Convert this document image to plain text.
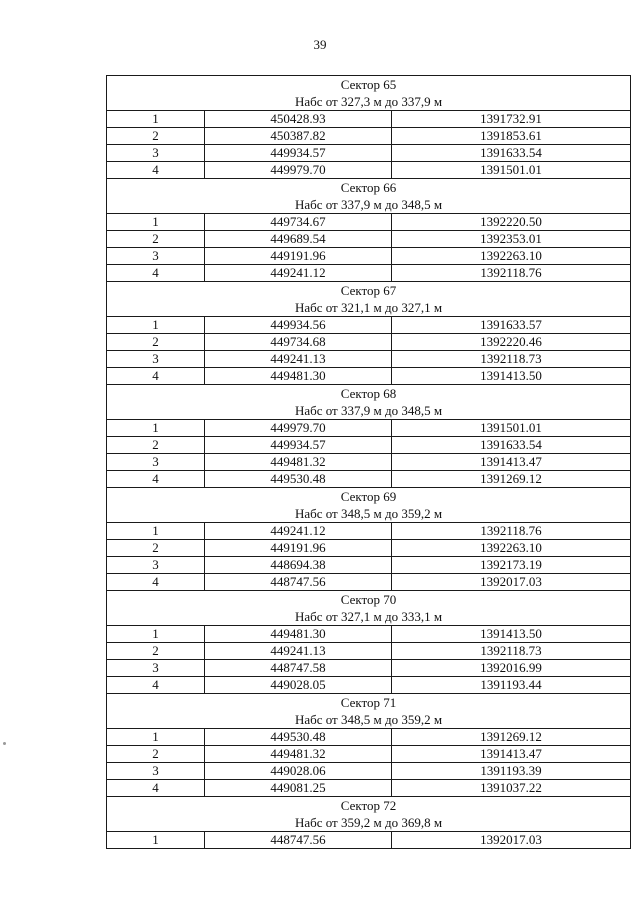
39
Сектор 65
Набс от 327,3 м до 337,9 м		

1	450428.93	1391732.91
2	450387.82	1391853.61
3	449934.57	1391633.54
4	449979.70	1391501.01

Сектор 66
Набс от 337,9 м до 348,5 м		

1	449734.67	1392220.50
2	449689.54	1392353.01
3	449191.96	1392263.10
4	449241.12	1392118.76

Сектор 67
Набс от 321,1 м до 327,1 м		

1	449934.56	1391633.57
2	449734.68	1392220.46
3	449241.13	1392118.73
4	449481.30	1391413.50

Сектор 68
Набс от 337,9 м до 348,5 м		

1	449979.70	1391501.01
2	449934.57	1391633.54
3	449481.32	1391413.47
4	449530.48	1391269.12

Сектор 69
Набс от 348,5 м до 359,2 м		

1	449241.12	1392118.76
2	449191.96	1392263.10
3	448694.38	1392173.19
4	448747.56	1392017.03

Сектор 70
Набс от 327,1 м до 333,1 м		

1	449481.30	1391413.50
2	449241.13	1392118.73
3	448747.58	1392016.99
4	449028.05	1391193.44

Сектор 71
Набс от 348,5 м до 359,2 м		

1	449530.48	1391269.12
2	449481.32	1391413.47
3	449028.06	1391193.39
4	449081.25	1391037.22

Сектор 72
Набс от 359,2 м до 369,8 м		

1	448747.56	1392017.03
